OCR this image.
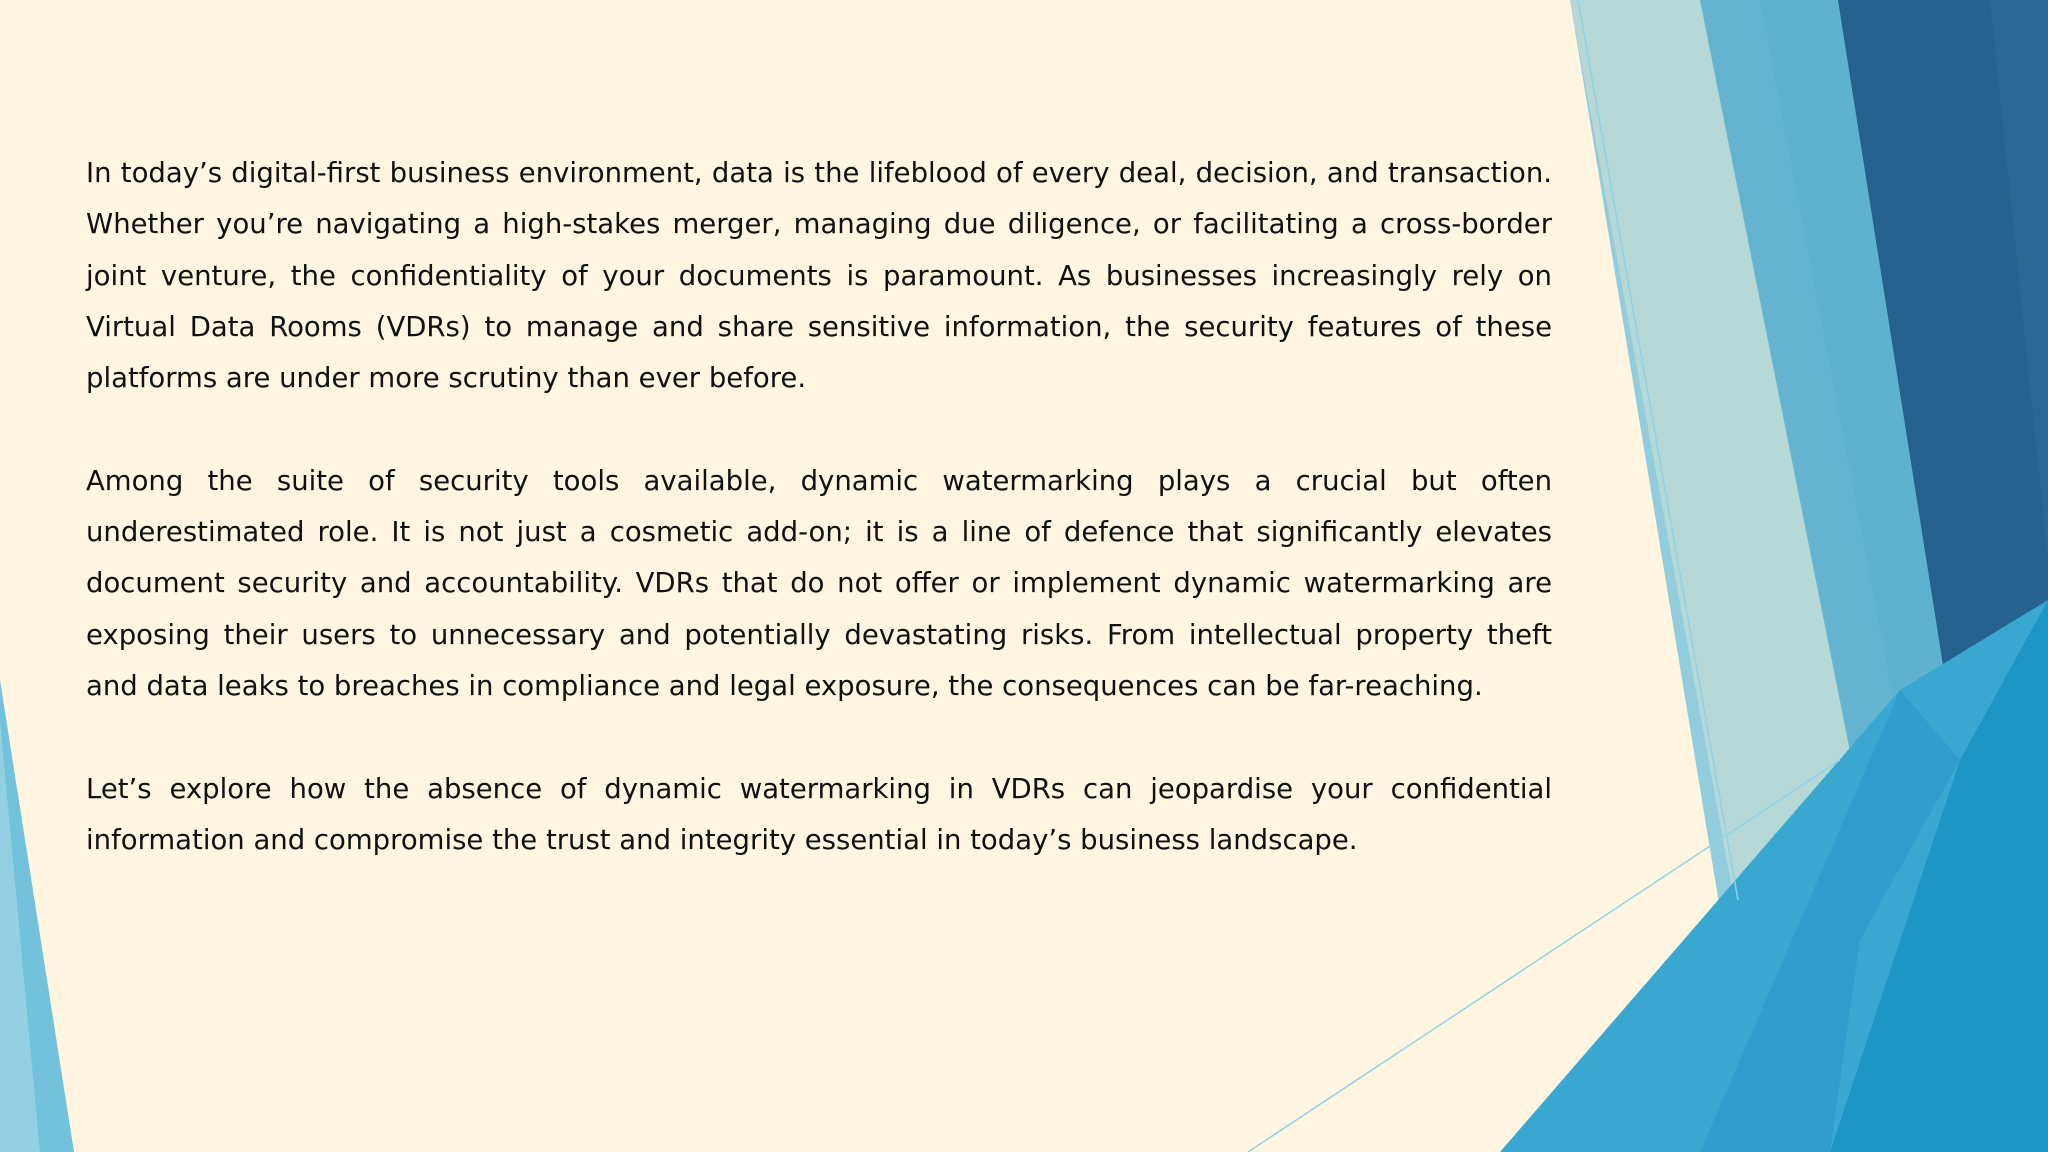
In today’s digital-first business environment, data is the lifeblood of every deal, decision, and transaction. Whether you’re navigating a high-stakes merger, managing due diligence, or facilitating a cross-border joint venture, the confidentiality of your documents is paramount. As businesses increasingly rely on Virtual Data Rooms (VDRs) to manage and share sensitive information, the security features of these platforms are under more scrutiny than ever before.

Among the suite of security tools available, dynamic watermarking plays a crucial but often underestimated role. It is not just a cosmetic add-on; it is a line of defence that significantly elevates document security and accountability. VDRs that do not offer or implement dynamic watermarking are exposing their users to unnecessary and potentially devastating risks. From intellectual property theft and data leaks to breaches in compliance and legal exposure, the consequences can be far-reaching.

Let’s explore how the absence of dynamic watermarking in VDRs can jeopardise your confidential information and compromise the trust and integrity essential in today’s business landscape.
